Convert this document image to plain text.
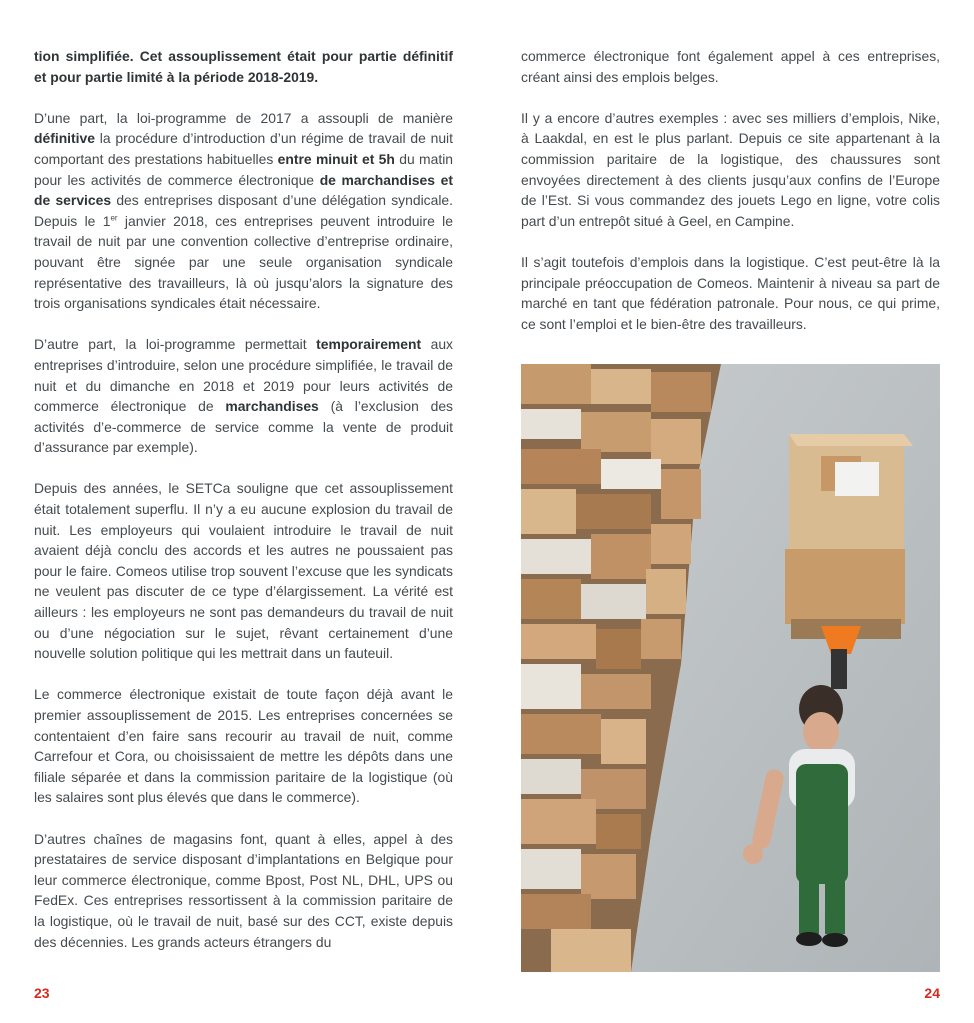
tion simplifiée. Cet assouplissement était pour partie définitif et pour partie limité à la période 2018-2019.

D’une part, la loi-programme de 2017 a assoupli de manière définitive la procédure d’introduction d’un régime de travail de nuit comportant des prestations habituelles entre minuit et 5h du matin pour les activités de commerce électronique de marchandises et de services des entreprises disposant d’une délégation syndicale. Depuis le 1er janvier 2018, ces entreprises peuvent introduire le travail de nuit par une convention collective d’entreprise ordinaire, pouvant être signée par une seule organisation syndicale représentative des travailleurs, là où jusqu’alors la signature des trois organisations syndicales était nécessaire.

D’autre part, la loi-programme permettait temporairement aux entreprises d’introduire, selon une procédure simplifiée, le travail de nuit et du dimanche en 2018 et 2019 pour leurs activités de commerce électronique de marchandises (à l’exclusion des activités d’e-commerce de service comme la vente de produit d’assurance par exemple).

Depuis des années, le SETCa souligne que cet assouplissement était totalement superflu. Il n’y a eu aucune explosion du travail de nuit. Les employeurs qui voulaient introduire le travail de nuit avaient déjà conclu des accords et les autres ne poussaient pas pour le faire. Comeos utilise trop souvent l’excuse que les syndicats ne veulent pas discuter de ce type d’élargissement. La vérité est ailleurs : les employeurs ne sont pas demandeurs du travail de nuit ou d’une négociation sur le sujet, rêvant certainement d’une nouvelle solution politique qui les mettrait dans un fauteuil.

Le commerce électronique existait de toute façon déjà avant le premier assouplissement de 2015. Les entreprises concernées se contentaient d’en faire sans recourir au travail de nuit, comme Carrefour et Cora, ou choisissaient de mettre les dépôts dans une filiale séparée et dans la commission paritaire de la logistique (où les salaires sont plus élevés que dans le commerce).

D’autres chaînes de magasins font, quant à elles, appel à des prestataires de service disposant d’implantations en Belgique pour leur commerce électronique, comme Bpost, Post NL, DHL, UPS ou FedEx. Ces entreprises ressortissent à la commission paritaire de la logistique, où le travail de nuit, basé sur des CCT, existe depuis des décennies. Les grands acteurs étrangers du

commerce électronique font également appel à ces entreprises, créant ainsi des emplois belges.

Il y a encore d’autres exemples : avec ses milliers d’emplois, Nike, à Laakdal, en est le plus parlant. Depuis ce site appartenant à la commission paritaire de la logistique, des chaussures sont envoyées directement à des clients jusqu’aux confins de l’Europe de l’Est. Si vous commandez des jouets Lego en ligne, votre colis part d’un entrepôt situé à Geel, en Campine.

Il s’agit toutefois d’emplois dans la logistique. C’est peut-être là la principale préoccupation de Comeos. Maintenir à niveau sa part de marché en tant que fédération patronale. Pour nous, ce qui prime, ce sont l’emploi et le bien-être des travailleurs.

23	24
